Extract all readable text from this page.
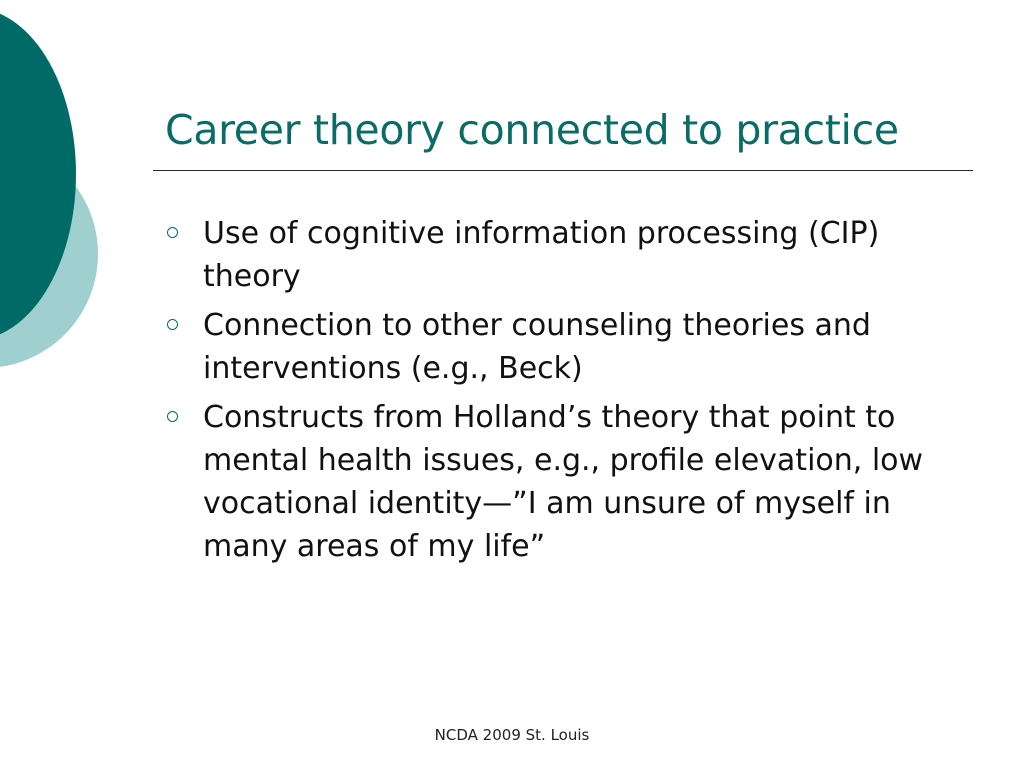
Career theory connected to practice
Use of cognitive information processing (CIP) theory
Connection to other counseling theories and interventions (e.g., Beck)
Constructs from Holland’s theory that point to mental health issues, e.g., profile elevation, low vocational identity—”I am unsure of myself in many areas of my life”
NCDA 2009 St. Louis
